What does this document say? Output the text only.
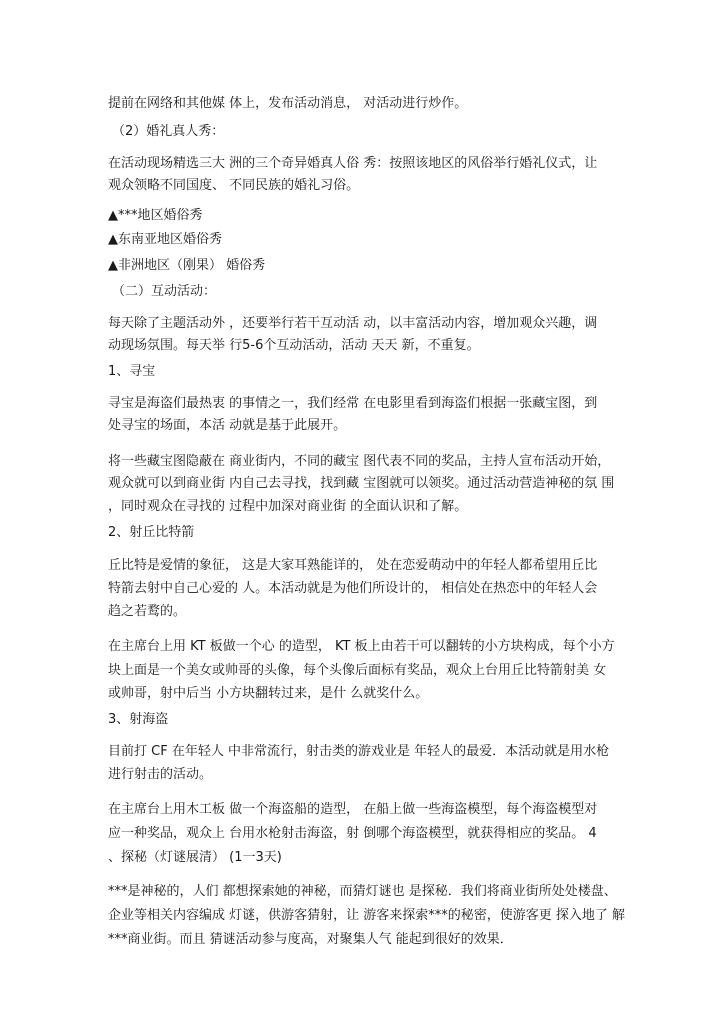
提前在网络和其他媒 体上，发布活动消息， 对活动进行炒作。
（2）婚礼真人秀：
在活动现场精选三大 洲的三个奇异婚真人俗 秀：按照该地区的风俗举行婚礼仪式，让
观众领略不同国度、 不同民族的婚礼习俗。
▲***地区婚俗秀
▲东南亚地区婚俗秀
▲非洲地区（刚果） 婚俗秀
（二）互动活动：
每天除了主题活动外 ，还要举行若干互动活 动，以丰富活动内容，增加观众兴趣，调
动现场氛围。每天举 行5-6个互动活动，活动 天天 新，不重复。
1、寻宝
寻宝是海盗们最热衷 的事情之一，我们经常 在电影里看到海盗们根据一张藏宝图，到
处寻宝的场面，本活 动就是基于此展开。
将一些藏宝图隐蔽在 商业街内，不同的藏宝 图代表不同的奖品，主持人宣布活动开始，
观众就可以到商业街 内自己去寻找，找到藏 宝图就可以领奖。通过活动营造神秘的氛 围
，同时观众在寻找的 过程中加深对商业街 的全面认识和了解。
2、射丘比特箭
丘比特是爱情的象征， 这是大家耳熟能详的， 处在恋爱萌动中的年轻人都希望用丘比
特箭去射中自己心爱的 人。本活动就是为他们所设计的， 相信处在热恋中的年轻人会
趋之若鹜的。
在主席台上用 KT 板做一个心 的造型， KT 板上由若干可以翻转的小方块构成，每个小方
块上面是一个美女或帅哥的头像，每个头像后面标有奖品，观众上台用丘比特箭射美 女
或帅哥，射中后当 小方块翻转过来，是什 么就奖什么。
3、射海盗
目前打 CF 在年轻人 中非常流行，射击类的游戏业是 年轻人的最爱．本活动就是用水枪
进行射击的活动。
在主席台上用木工板 做一个海盗船的造型， 在船上做一些海盗模型，每个海盗模型对
应一种奖品，观众上 台用水枪射击海盗，射 倒哪个海盗模型，就获得相应的奖品。 4
、探秘（灯谜展清） (1一3天)
***是神秘的，人们 都想探索她的神秘，而猜灯谜也 是探秘．我们将商业街所处处楼盘、
企业等相关内容编成 灯谜，供游客猜射，让 游客来探索***的秘密，使游客更 探入地了 解
***商业街。而且 猜谜活动参与度高，对聚集人气 能起到很好的效果．
